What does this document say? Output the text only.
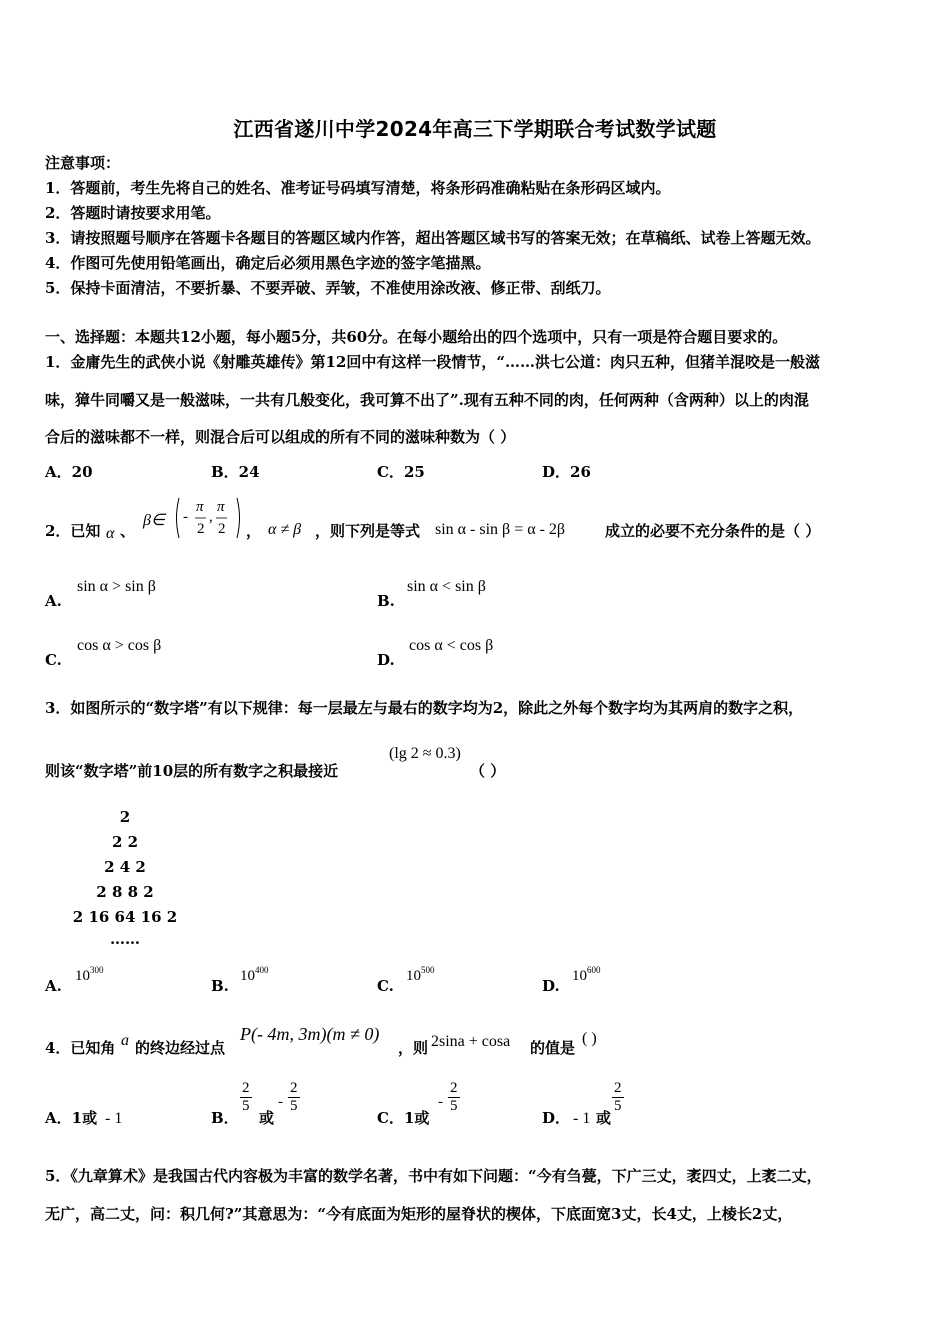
江西省遂川中学2024年高三下学期联合考试数学试题
注意事项：
1．答题前，考生先将自己的姓名、准考证号码填写清楚，将条形码准确粘贴在条形码区域内。
2．答题时请按要求用笔。
3．请按照题号顺序在答题卡各题目的答题区域内作答，超出答题区域书写的答案无效；在草稿纸、试卷上答题无效。
4．作图可先使用铅笔画出，确定后必须用黑色字迹的签字笔描黑。
5．保持卡面清洁，不要折暴、不要弄破、弄皱，不准使用涂改液、修正带、刮纸刀。
一、选择题：本题共12小题，每小题5分，共60分。在每小题给出的四个选项中，只有一项是符合题目要求的。
1．金庸先生的武侠小说《射雕英雄传》第12回中有这样一段情节，“……洪七公道：肉只五种，但猪羊混咬是一般滋
味，獐牛同嚼又是一般滋味，一共有几般变化，我可算不出了”.现有五种不同的肉，任何两种（含两种）以上的肉混
合后的滋味都不一样，则混合后可以组成的所有不同的滋味种数为（ ）
A．20	B．24	C．25	D．26
2．已知 α 、
β∈ -
π
2
,
π
2 ， α ≠ β ，则下列是等式 sin α - sin β = α - 2β	成立的必要不充分条件的是（ ）
A.
sin α > sin β
B.
sin α < sin β
C.
cos α > cos β
D.
cos α < cos β
3．如图所示的“数字塔”有以下规律：每一层最左与最右的数字均为2，除此之外每个数字均为其两肩的数字之积，
则该“数字塔”前10层的所有数字之积最接近
(lg 2 ≈ 0.3)
（ ）
2
2 2
2 4 2
2 8 8 2
2 16 64 16 2
……
A.
$10^{300}$
B.
$10^{400}$
C.
$10^{500}$
D.
$10^{600}$
4．已知角 a 的终边经过点
P(- 4m, 3m)(m ≠ 0)
，则 2sina + cosa 的值是
( )
A．1或 - 1	B．
$\frac{2}{5}$
或
- $\frac{2}{5}$
C．1或
- $\frac{2}{5}$
D． - 1 或
$\frac{2}{5}$
5．《九章算术》是我国古代内容极为丰富的数学名著，书中有如下问题：“今有刍甍，下广三丈，袤四丈，上袤二丈，
无广，高二丈，问：积几何?”其意思为：“今有底面为矩形的屋脊状的楔体，下底面宽3丈，长4丈，上棱长2丈，
